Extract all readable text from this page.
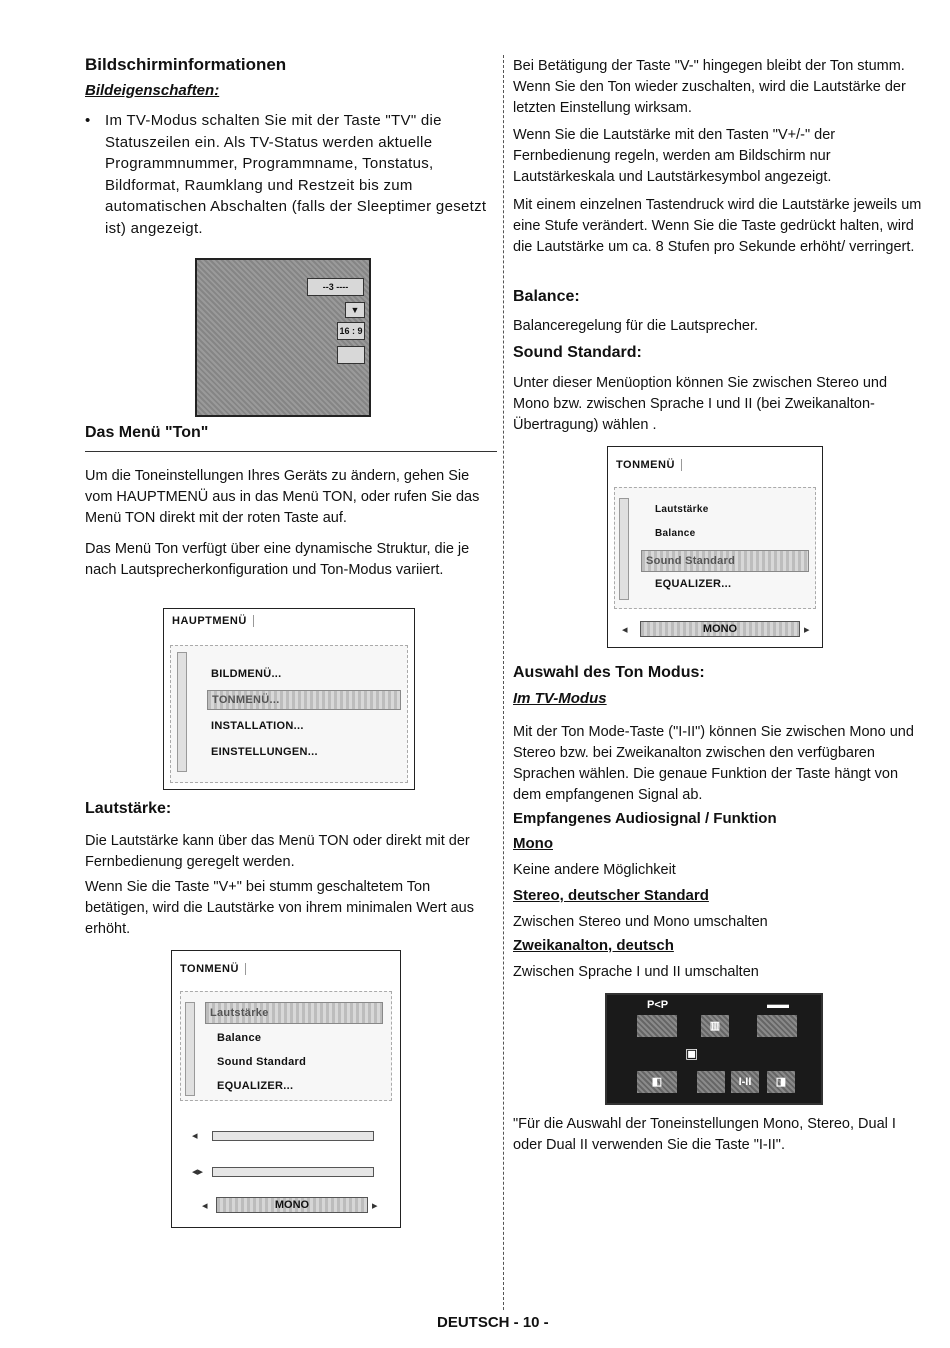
Bildschirminformationen
Bildeigenschaften:
• Im TV-Modus schalten Sie mit der Taste "TV" die Statuszeilen ein. Als TV-Status werden aktuelle Programmnummer, Programmname, Tonstatus, Bildformat, Raumklang und Restzeit bis zum automatischen Abschalten (falls der Sleeptimer gesetzt ist) angezeigt.
--3 ----
▼
16 : 9
Das Menü "Ton"

Um die Toneinstellungen Ihres Geräts zu ändern, gehen Sie vom HAUPTMENÜ aus in das Menü TON, oder rufen Sie das Menü TON direkt mit der roten Taste auf.

Das Menü Ton verfügt über eine dynamische Struktur, die je nach Lautsprecherkonfiguration und Ton-Modus variiert.

HAUPTMENÜ
BILDMENÜ...
TONMENÜ...
INSTALLATION...
EINSTELLUNGEN...
Lautstärke:

Die Lautstärke kann über das Menü TON oder direkt mit der Fernbedienung geregelt werden.

Wenn Sie die Taste "V+" bei stumm geschaltetem Ton betätigen, wird die Lautstärke von ihrem minimalen Wert aus erhöht.

TONMENÜ
Lautstärke
Balance
Sound Standard
EQUALIZER...
◂
◂▸
◂	MONO	▸

Bei Betätigung der Taste "V-" hingegen bleibt der Ton stumm. Wenn Sie den Ton wieder zuschalten, wird die Lautstärke der letzten Einstellung wirksam.

Wenn Sie die Lautstärke mit den Tasten "V+/-" der Fernbedienung regeln, werden am Bildschirm nur Lautstärkeskala und Lautstärkesymbol angezeigt.

Mit einem einzelnen Tastendruck wird die Lautstärke jeweils um eine Stufe verändert. Wenn Sie die Taste gedrückt halten, wird die Lautstärke um ca. 8 Stufen pro Sekunde erhöht/ verringert.

Balance:

Balanceregelung für die Lautsprecher.

Sound Standard:

Unter dieser Menüoption können Sie zwischen Stereo und Mono bzw. zwischen Sprache I und II (bei Zweikanalton-Übertragung) wählen .

TONMENÜ
Lautstärke
Balance
Sound Standard
EQUALIZER...
◂	MONO	▸
Auswahl des Ton Modus:
Im TV-Modus

Mit der Ton Mode-Taste ("I-II") können Sie zwischen Mono und Stereo bzw. bei Zweikanalton zwischen den verfügbaren Sprachen wählen. Die genaue Funktion der Taste hängt von dem empfangenen Signal ab.

Empfangenes Audiosignal / Funktion
Mono

Keine andere Möglichkeit

Stereo, deutscher Standard

Zwischen Stereo und Mono umschalten

Zweikanalton, deutsch

Zwischen Sprache I und II umschalten

P<P	▬▬
▥
▣
◧	I-II	◨

"Für die Auswahl der Toneinstellungen Mono, Stereo, Dual I oder Dual II verwenden Sie die Taste "I-II".

DEUTSCH - 10 -
